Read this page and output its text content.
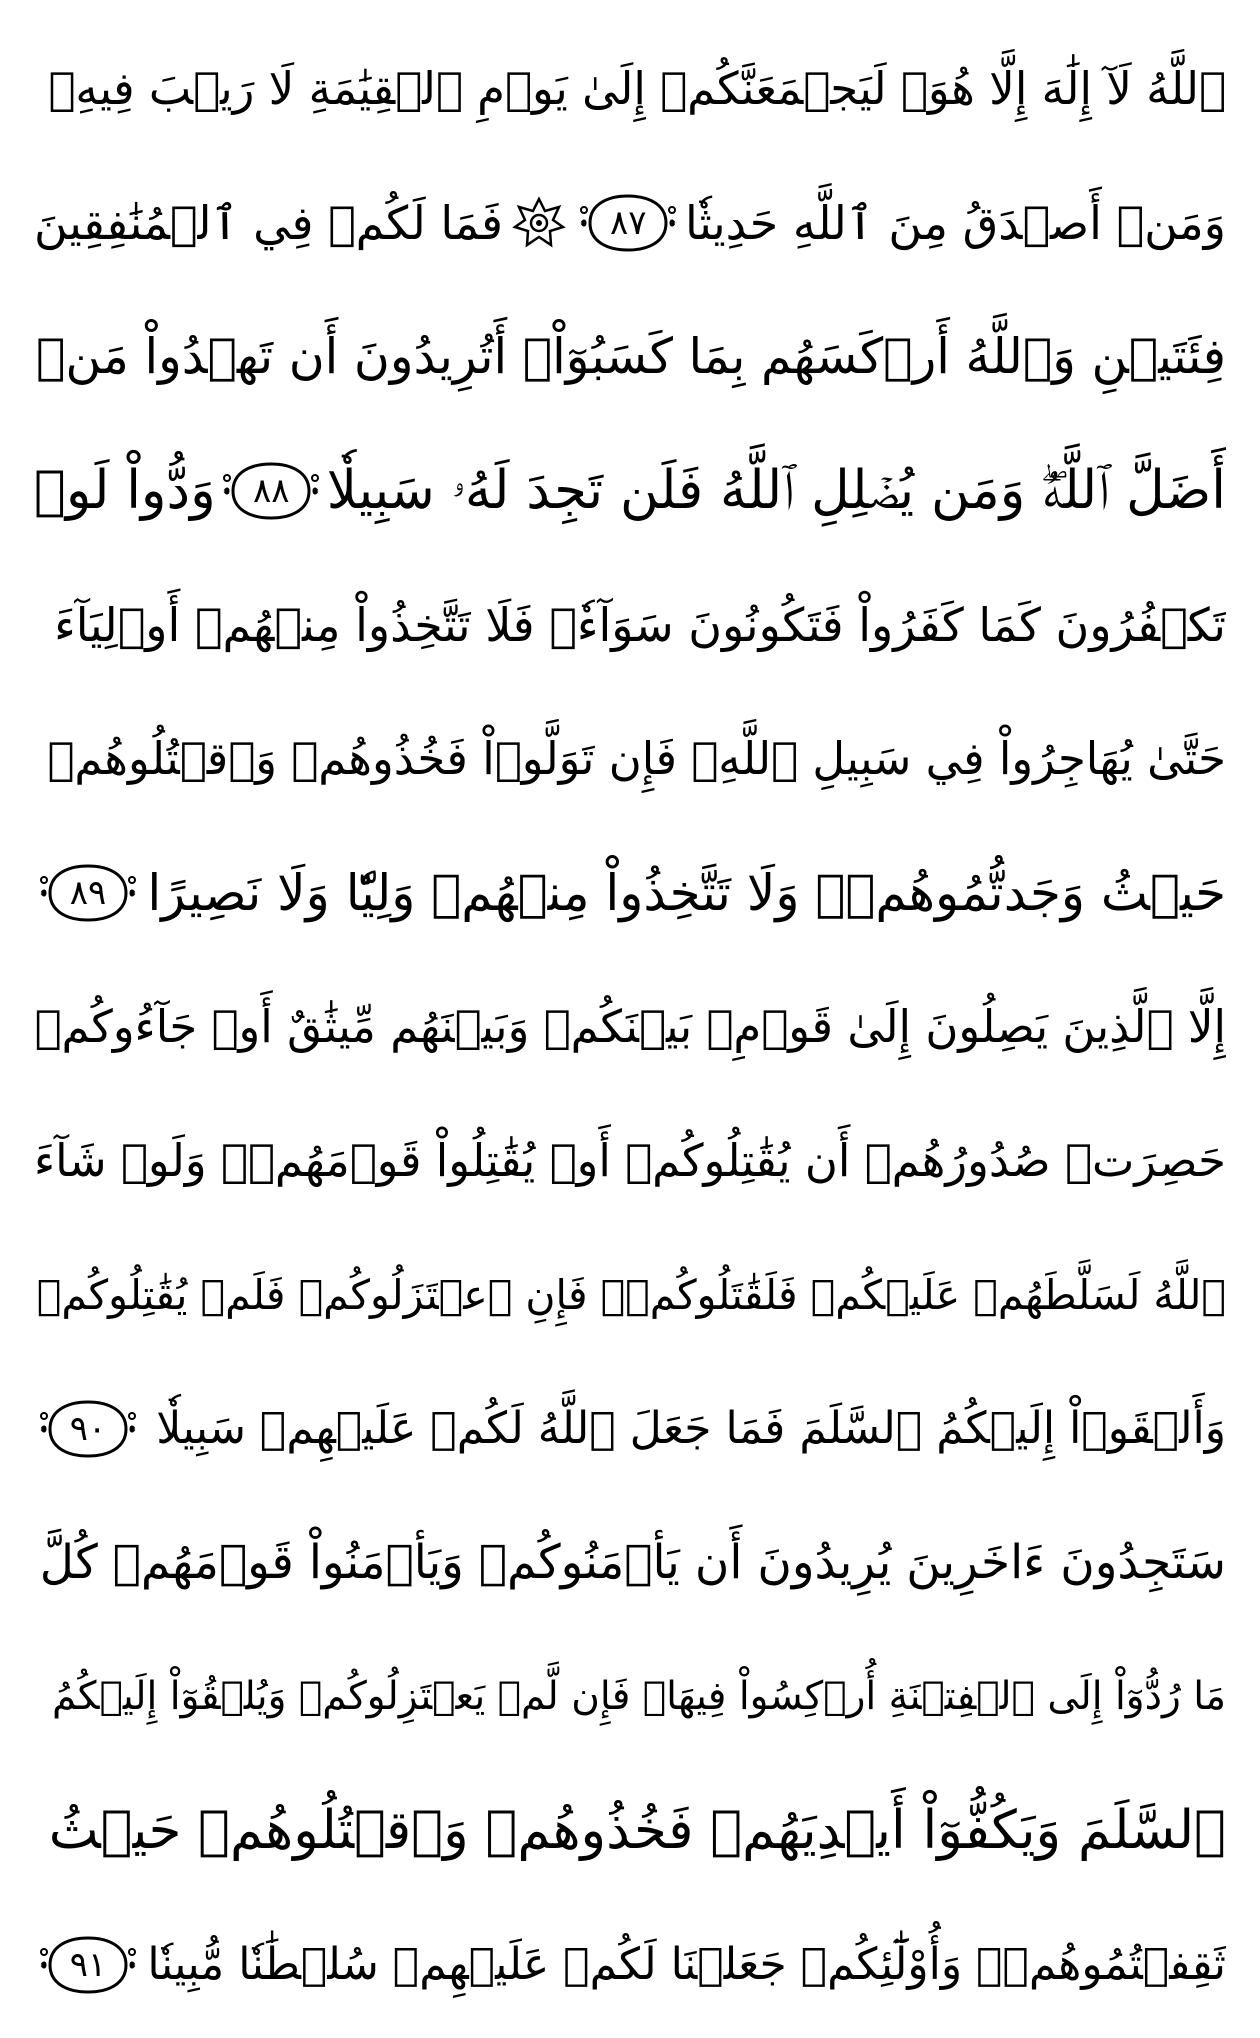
ٱللَّهُ لَآ إِلَٰهَ إِلَّا هُوَۚ لَيَجۡمَعَنَّكُمۡ إِلَىٰ يَوۡمِ ٱلۡقِيَٰمَةِ لَا رَيۡبَ فِيهِۗ
وَمَنۡ أَصۡدَقُ مِنَ ٱللَّهِ حَدِيثٗا
٨٧
فَمَا لَكُمۡ فِي ٱلۡمُنَٰفِقِينَ
فِئَتَيۡنِ وَٱللَّهُ أَرۡكَسَهُم بِمَا كَسَبُوٓاْۚ أَتُرِيدُونَ أَن تَهۡدُواْ مَنۡ
أَضَلَّ ٱللَّهُۖ وَمَن يُضۡلِلِ ٱللَّهُ فَلَن تَجِدَ لَهُۥ سَبِيلٗا
٨٨
وَدُّواْ لَوۡ
تَكۡفُرُونَ كَمَا كَفَرُواْ فَتَكُونُونَ سَوَآءٗۖ فَلَا تَتَّخِذُواْ مِنۡهُمۡ أَوۡلِيَآءَ
حَتَّىٰ يُهَاجِرُواْ فِي سَبِيلِ ٱللَّهِۚ فَإِن تَوَلَّوۡاْ فَخُذُوهُمۡ وَٱقۡتُلُوهُمۡ
حَيۡثُ وَجَدتُّمُوهُمۡۖ وَلَا تَتَّخِذُواْ مِنۡهُمۡ وَلِيّٗا وَلَا نَصِيرًا
٨٩
إِلَّا ٱلَّذِينَ يَصِلُونَ إِلَىٰ قَوۡمِۭ بَيۡنَكُمۡ وَبَيۡنَهُم مِّيثَٰقٌ أَوۡ جَآءُوكُمۡ
حَصِرَتۡ صُدُورُهُمۡ أَن يُقَٰتِلُوكُمۡ أَوۡ يُقَٰتِلُواْ قَوۡمَهُمۡۚ وَلَوۡ شَآءَ
ٱللَّهُ لَسَلَّطَهُمۡ عَلَيۡكُمۡ فَلَقَٰتَلُوكُمۡۚ فَإِنِ ٱعۡتَزَلُوكُمۡ فَلَمۡ يُقَٰتِلُوكُمۡ
وَأَلۡقَوۡاْ إِلَيۡكُمُ ٱلسَّلَمَ فَمَا جَعَلَ ٱللَّهُ لَكُمۡ عَلَيۡهِمۡ سَبِيلٗا
٩٠
سَتَجِدُونَ ءَاخَرِينَ يُرِيدُونَ أَن يَأۡمَنُوكُمۡ وَيَأۡمَنُواْ قَوۡمَهُمۡ كُلَّ
مَا رُدُّوٓاْ إِلَى ٱلۡفِتۡنَةِ أُرۡكِسُواْ فِيهَاۚ فَإِن لَّمۡ يَعۡتَزِلُوكُمۡ وَيُلۡقُوٓاْ إِلَيۡكُمُ
ٱلسَّلَمَ وَيَكُفُّوٓاْ أَيۡدِيَهُمۡ فَخُذُوهُمۡ وَٱقۡتُلُوهُمۡ حَيۡثُ
ثَقِفۡتُمُوهُمۡۚ وَأُوْلَٰٓئِكُمۡ جَعَلۡنَا لَكُمۡ عَلَيۡهِمۡ سُلۡطَٰنٗا مُّبِينٗا
٩١
